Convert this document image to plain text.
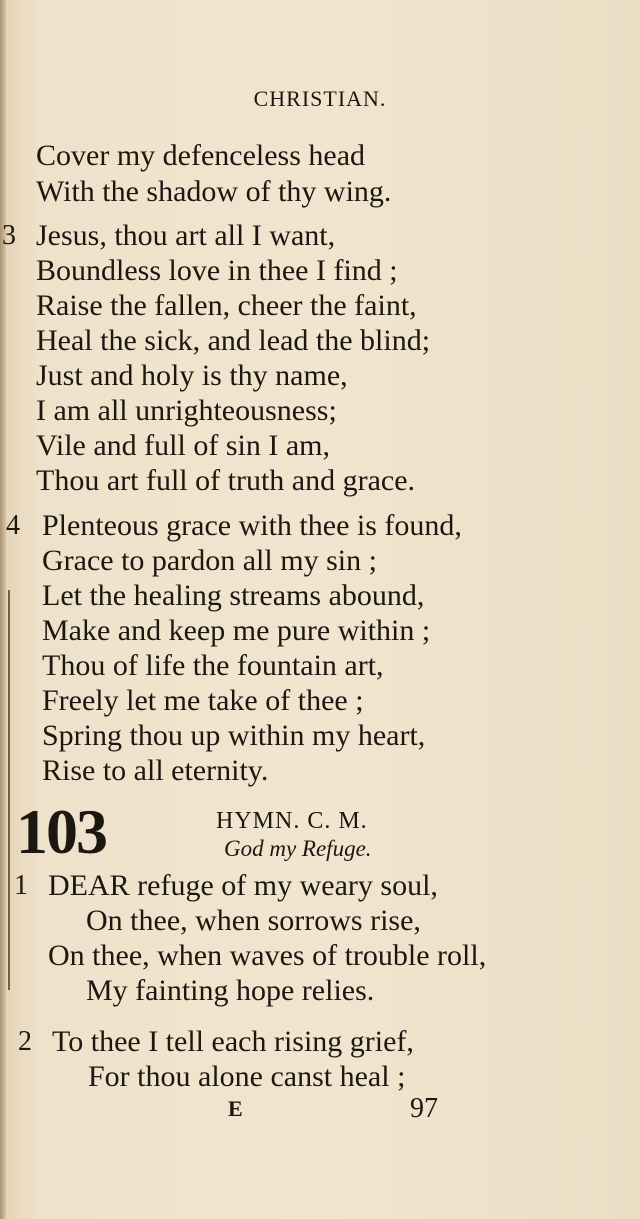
CHRISTIAN.
Cover my defenceless head
With the shadow of thy wing.
3 Jesus, thou art all I want,
Boundless love in thee I find ;
Raise the fallen, cheer the faint,
Heal the sick, and lead the blind;
Just and holy is thy name,
I am all unrighteousness;
Vile and full of sin I am,
Thou art full of truth and grace.
4 Plenteous grace with thee is found,
Grace to pardon all my sin ;
Let the healing streams abound,
Make and keep me pure within ;
Thou of life the fountain art,
Freely let me take of thee ;
Spring thou up within my heart,
Rise to all eternity.
103	HYMN. C. M.
God my Refuge.
1 DEAR refuge of my weary soul,
On thee, when sorrows rise,
On thee, when waves of trouble roll,
My fainting hope relies.
2 To thee I tell each rising grief,
For thou alone canst heal ;
E	97
